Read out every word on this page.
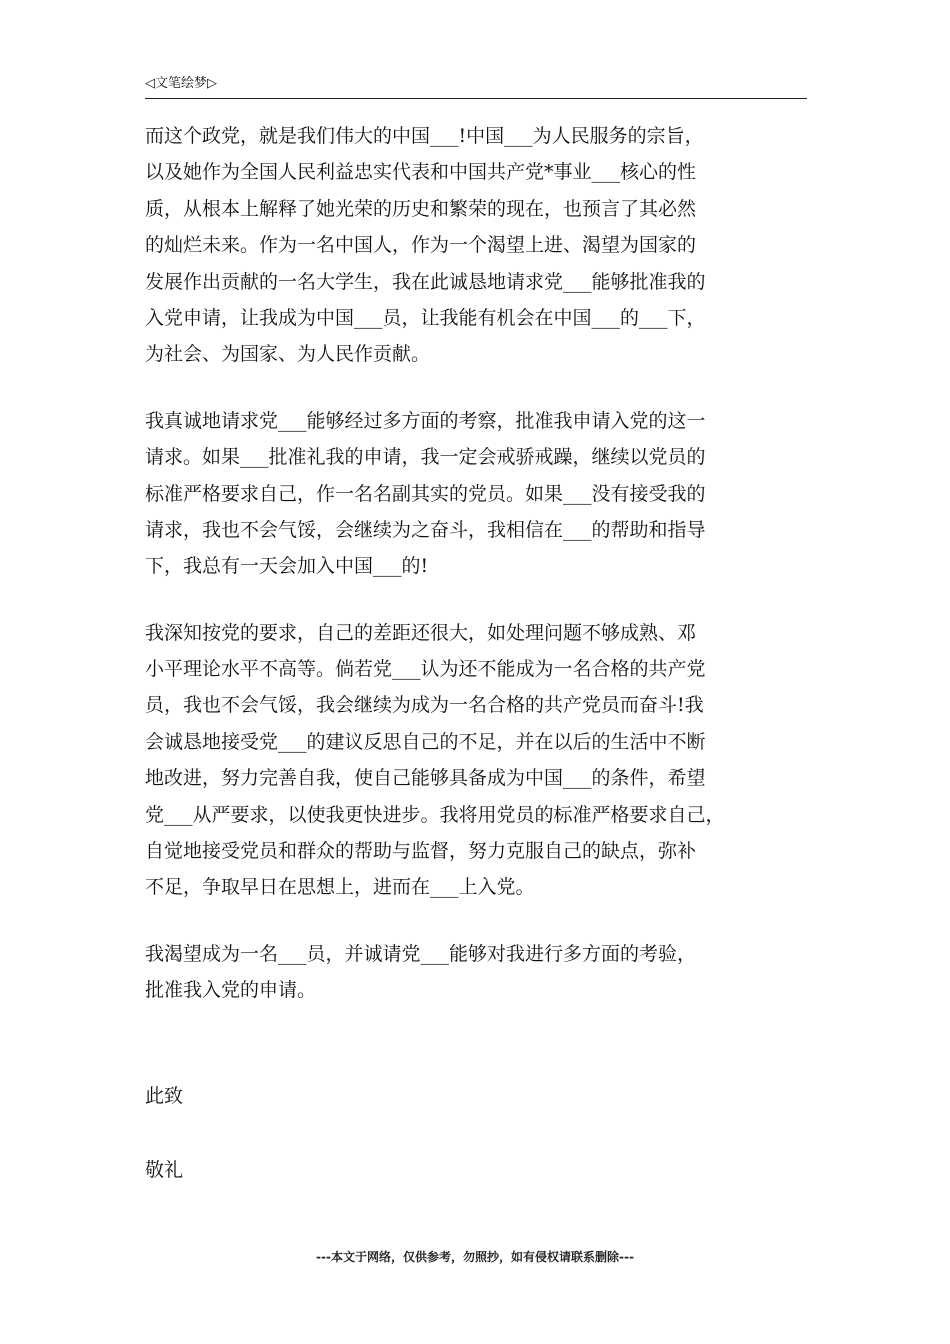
◁文笔绘梦▷
而这个政党，就是我们伟大的中国___!中国___为人民服务的宗旨，
以及她作为全国人民利益忠实代表和中国共产党*事业___核心的性
质，从根本上解释了她光荣的历史和繁荣的现在，也预言了其必然
的灿烂未来。作为一名中国人，作为一个渴望上进、渴望为国家的
发展作出贡献的一名大学生，我在此诚恳地请求党___能够批准我的
入党申请，让我成为中国___员，让我能有机会在中国___的___下，
为社会、为国家、为人民作贡献。
我真诚地请求党___能够经过多方面的考察，批准我申请入党的这一
请求。如果___批准礼我的申请，我一定会戒骄戒躁，继续以党员的
标准严格要求自己，作一名名副其实的党员。如果___没有接受我的
请求，我也不会气馁，会继续为之奋斗，我相信在___的帮助和指导
下，我总有一天会加入中国___的!
我深知按党的要求，自己的差距还很大，如处理问题不够成熟、邓
小平理论水平不高等。倘若党___认为还不能成为一名合格的共产党
员，我也不会气馁，我会继续为成为一名合格的共产党员而奋斗!我
会诚恳地接受党___的建议反思自己的不足，并在以后的生活中不断
地改进，努力完善自我，使自己能够具备成为中国___的条件，希望
党___从严要求，以使我更快进步。我将用党员的标准严格要求自己，
自觉地接受党员和群众的帮助与监督，努力克服自己的缺点，弥补
不足，争取早日在思想上，进而在___上入党。
我渴望成为一名___员，并诚请党___能够对我进行多方面的考验，
批准我入党的申请。
此致
敬礼
---本文于网络，仅供参考，勿照抄，如有侵权请联系删除---
